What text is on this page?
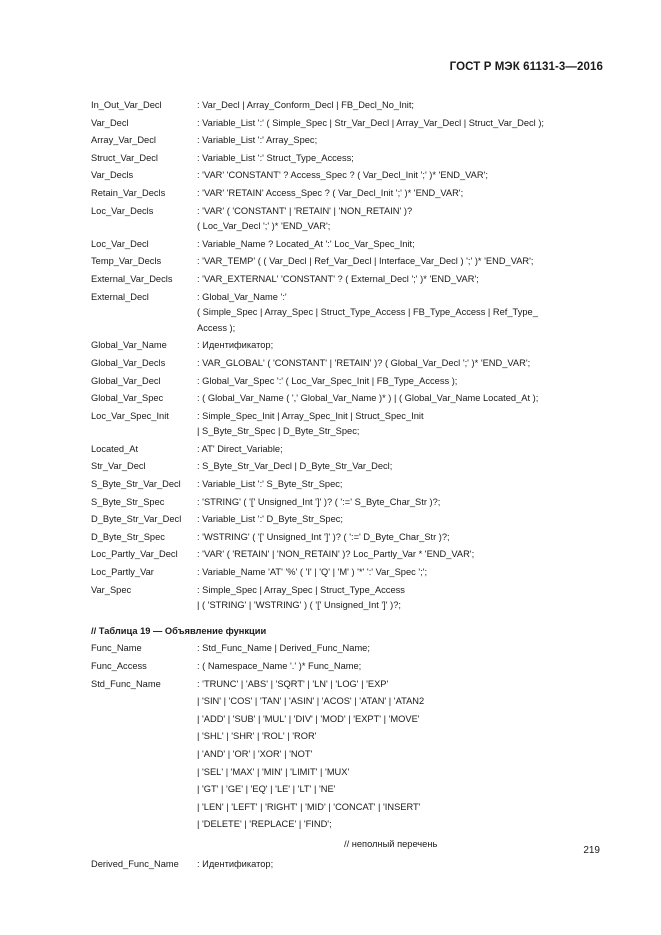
ГОСТ Р МЭК 61131-3—2016
In_Out_Var_Decl	: Var_Decl | Array_Conform_Decl | FB_Decl_No_Init;
Var_Decl	: Variable_List ':' ( Simple_Spec | Str_Var_Decl | Array_Var_Decl | Struct_Var_Decl );
Array_Var_Decl	: Variable_List ':' Array_Spec;
Struct_Var_Decl	: Variable_List ':' Struct_Type_Access;
Var_Decls	: 'VAR' 'CONSTANT' ? Access_Spec ? ( Var_Decl_Init ';' )* 'END_VAR';
Retain_Var_Decls	: 'VAR' 'RETAIN' Access_Spec ? ( Var_Decl_Init ';' )* 'END_VAR';
Loc_Var_Decls	: 'VAR' ( 'CONSTANT' | 'RETAIN' | 'NON_RETAIN' )?
( Loc_Var_Decl ';' )* 'END_VAR';
Loc_Var_Decl	: Variable_Name ? Located_At ':' Loc_Var_Spec_Init;
Temp_Var_Decls	: 'VAR_TEMP' ( ( Var_Decl | Ref_Var_Decl | Interface_Var_Decl ) ';' )* 'END_VAR';
External_Var_Decls	: 'VAR_EXTERNAL' 'CONSTANT' ? ( External_Decl ';' )* 'END_VAR';
External_Decl	: Global_Var_Name ':'
( Simple_Spec | Array_Spec | Struct_Type_Access | FB_Type_Access | Ref_Type_
Access );
Global_Var_Name	: Идентификатор;
Global_Var_Decls	: VAR_GLOBAL' ( 'CONSTANT' | 'RETAIN' )? ( Global_Var_Decl ';' )* 'END_VAR';
Global_Var_Decl	: Global_Var_Spec ':' ( Loc_Var_Spec_Init | FB_Type_Access );
Global_Var_Spec	: ( Global_Var_Name ( ',' Global_Var_Name )* ) | ( Global_Var_Name Located_At );
Loc_Var_Spec_Init	: Simple_Spec_Init | Array_Spec_Init | Struct_Spec_Init
| S_Byte_Str_Spec | D_Byte_Str_Spec;
Located_At	: AT' Direct_Variable;
Str_Var_Decl	: S_Byte_Str_Var_Decl | D_Byte_Str_Var_Decl;
S_Byte_Str_Var_Decl	: Variable_List ':' S_Byte_Str_Spec;
S_Byte_Str_Spec	: 'STRING' ( '[' Unsigned_Int ']' )? ( ':=' S_Byte_Char_Str )?;
D_Byte_Str_Var_Decl	: Variable_List ':' D_Byte_Str_Spec;
D_Byte_Str_Spec	: 'WSTRING' ( '[' Unsigned_Int ']' )? ( ':=' D_Byte_Char_Str )?;
Loc_Partly_Var_Decl	: 'VAR' ( 'RETAIN' | 'NON_RETAIN' )? Loc_Partly_Var * 'END_VAR';
Loc_Partly_Var	: Variable_Name 'AT' '%' ( 'I' | 'Q' | 'M' ) '*' ':' Var_Spec ';';
Var_Spec	: Simple_Spec | Array_Spec | Struct_Type_Access
| ( 'STRING' | 'WSTRING' ) ( '[' Unsigned_Int ']' )?;
// Таблица 19 — Объявление функции
Func_Name	: Std_Func_Name | Derived_Func_Name;
Func_Access	: ( Namespace_Name '.' )* Func_Name;
Std_Func_Name	: 'TRUNC' | 'ABS' | 'SQRT' | 'LN' | 'LOG' | 'EXP'
| 'SIN' | 'COS' | 'TAN' | 'ASIN' | 'ACOS' | 'ATAN' | 'ATAN2
| 'ADD' | 'SUB' | 'MUL' | 'DIV' | 'MOD' | 'EXPT' | 'MOVE'
| 'SHL' | 'SHR' | 'ROL' | 'ROR'
| 'AND' | 'OR' | 'XOR' | 'NOT'
| 'SEL' | 'MAX' | 'MIN' | 'LIMIT' | 'MUX'
| 'GT' | 'GE' | 'EQ' | 'LE' | 'LT' | 'NE'
| 'LEN' | 'LEFT' | 'RIGHT' | 'MID' | 'CONCAT' | 'INSERT'
| 'DELETE' | 'REPLACE' | 'FIND';
// неполный перечень
Derived_Func_Name	: Идентификатор;
219
